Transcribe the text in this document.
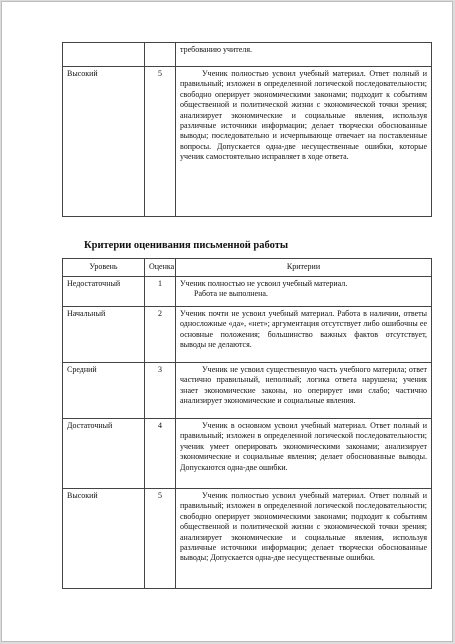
		требованию учителя.
Высокий	5	Ученик полностью усвоил учебный материал. Ответ полный и правильный; изложен в определенной логической последовательности; свободно оперирует экономическими законами; подходит к событиям общественной и политической жизни с экономической точки зрения; анализирует экономические и социальные явления, используя различные источники информации; делает творчески обоснованные выводы; последовательно и исчерпывающе отвечает на поставленные вопросы. Допускается одна-две несущественные ошибки, которые ученик самостоятельно исправляет в ходе ответа.
Критерии оценивания письменной работы
Уровень	Оценка	Критерии
Недостаточный	1	Ученик полностью не усвоил учебный материал.
Работа не выполнена.

Начальный	2	Ученик почти не усвоил учебный материал. Работа в наличии, ответы односложные «да», «нет»; аргументация отсутствует либо ошибочны ее основные положения; большинство важных фактов отсутствует, выводы не делаются.
Средний	3	Ученик не усвоил существенную часть учебного материла; ответ частично правильный, неполный; логика ответа нарушена; ученик знает экономические законы, но оперирует ими слабо; частично анализирует экономические и социальные явления.
Достаточный	4	Ученик в основном усвоил учебный материал. Ответ полный и правильный; изложен в определенной логической последовательности; ученик умеет оперировать экономическими законами; анализирует экономические и социальные явления; делает обоснованные выводы. Допускаются одна-две ошибки.
Высокий	5	Ученик полностью усвоил учебный материал. Ответ полный и правильный; изложен в определенной логической последовательности; свободно оперирует экономическими законами; подходит к событиям общественной и политической жизни с экономической точки зрения; анализирует экономические и социальные явления, используя различные источники информации; делает творчески обоснованные выводы; Допускается одна-две несущественные ошибки.
